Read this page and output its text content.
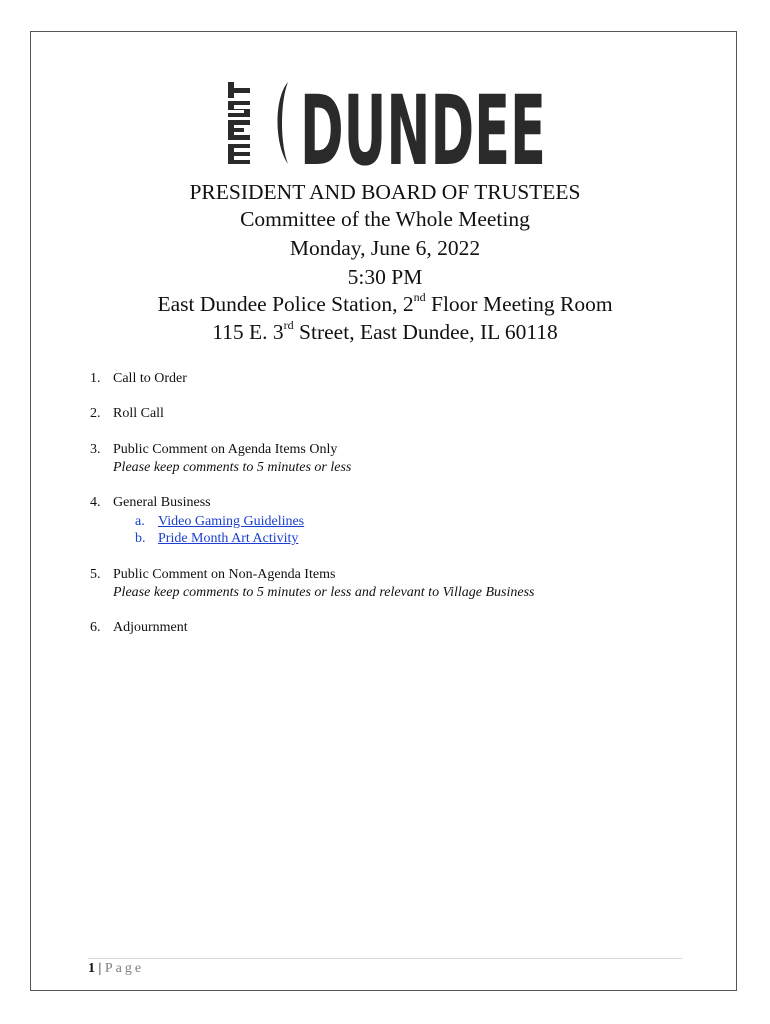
DUNDEE
PRESIDENT AND BOARD OF TRUSTEES
Committee of the Whole Meeting
Monday, June 6, 2022
5:30 PM
East Dundee Police Station, 2nd Floor Meeting Room
115 E. 3rd Street, East Dundee, IL 60118
1. Call to Order
2. Roll Call
3. Public Comment on Agenda Items Only
Please keep comments to 5 minutes or less
4. General Business
a. Video Gaming Guidelines
b. Pride Month Art Activity
5. Public Comment on Non-Agenda Items
Please keep comments to 5 minutes or less and relevant to Village Business
6. Adjournment
1 | Page
